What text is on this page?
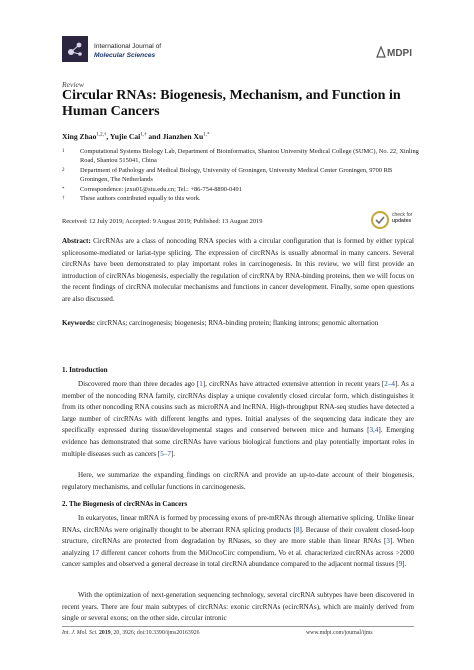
International Journal of
Molecular Sciences	MDPI
Review
Circular RNAs: Biogenesis, Mechanism, and Function in Human Cancers
Xing Zhao$^{1,2,\dagger}$, Yujie Cai$^{1,\dagger}$ and Jianzhen $Xu^{1,*}$
1 Computational Systems Biology Lab, Department of Bioinformatics, Shantou University Medical College (SUMC), No. 22, Xinling Road, Shantou 515041, China
2 Department of Pathology and Medical Biology, University of Groningen, University Medical Center Groningen, 9700 RB Groningen, The Netherlands
* Correspondence: jzxu01@stu.edu.cn; Tel.: +86-754-8890-0491
† These authors contributed equally to this work.
Received: 12 July 2019; Accepted: 9 August 2019; Published: 13 August 2019
check for
updates
Abstract: CircRNAs are a class of noncoding RNA species with a circular configuration that is formed by either typical spliceosome-mediated or lariat-type splicing. The expression of circRNAs is usually abnormal in many cancers. Several circRNAs have been demonstrated to play important roles in carcinogenesis. In this review, we will first provide an introduction of circRNAs biogenesis, especially the regulation of circRNA by RNA-binding proteins, then we will focus on the recent findings of circRNA molecular mechanisms and functions in cancer development. Finally, some open questions are also discussed.
Keywords: circRNAs; carcinogenesis; biogenesis; RNA-binding protein; flanking introns; genomic alternation
1. Introduction
Discovered more than three decades ago [1], circRNAs have attracted extensive attention in recent years [2–4]. As a member of the noncoding RNA family, circRNAs display a unique covalently closed circular form, which distinguishes it from its other noncoding RNA cousins such as microRNA and lncRNA. High-throughput RNA-seq studies have detected a large number of circRNAs with different lengths and types. Initial analyses of the sequencing data indicate they are specifically expressed during tissue/developmental stages and conserved between mice and humans [3,4]. Emerging evidence has demonstrated that some circRNAs have various biological functions and play potentially important roles in multiple diseases such as cancers [5–7].
Here, we summarize the expanding findings on circRNA and provide an up-to-date account of their biogenesis, regulatory mechanisms, and cellular functions in carcinogenesis.
2. The Biogenesis of circRNAs in Cancers
In eukaryotes, linear mRNA is formed by processing exons of pre-mRNAs through alternative splicing. Unlike linear RNAs, circRNAs were originally thought to be aberrant RNA splicing products [8]. Because of their covalent closed-loop structure, circRNAs are protected from degradation by RNases, so they are more stable than linear RNAs [3]. When analyzing 17 different cancer cohorts from the MiOncoCirc compendium, Vo et al. characterized circRNAs across >2000 cancer samples and observed a general decrease in total circRNA abundance compared to the adjacent normal tissues [9].
With the optimization of next-generation sequencing technology, several circRNA subtypes have been discovered in recent years. There are four main subtypes of circRNAs: exonic circRNAs (ecircRNAs), which are mainly derived from single or several exons; on the other side, circular intronic
Int. J. Mol. Sci. 2019, 20, 3926; doi:10.3390/ijms20163926	www.mdpi.com/journal/ijms
